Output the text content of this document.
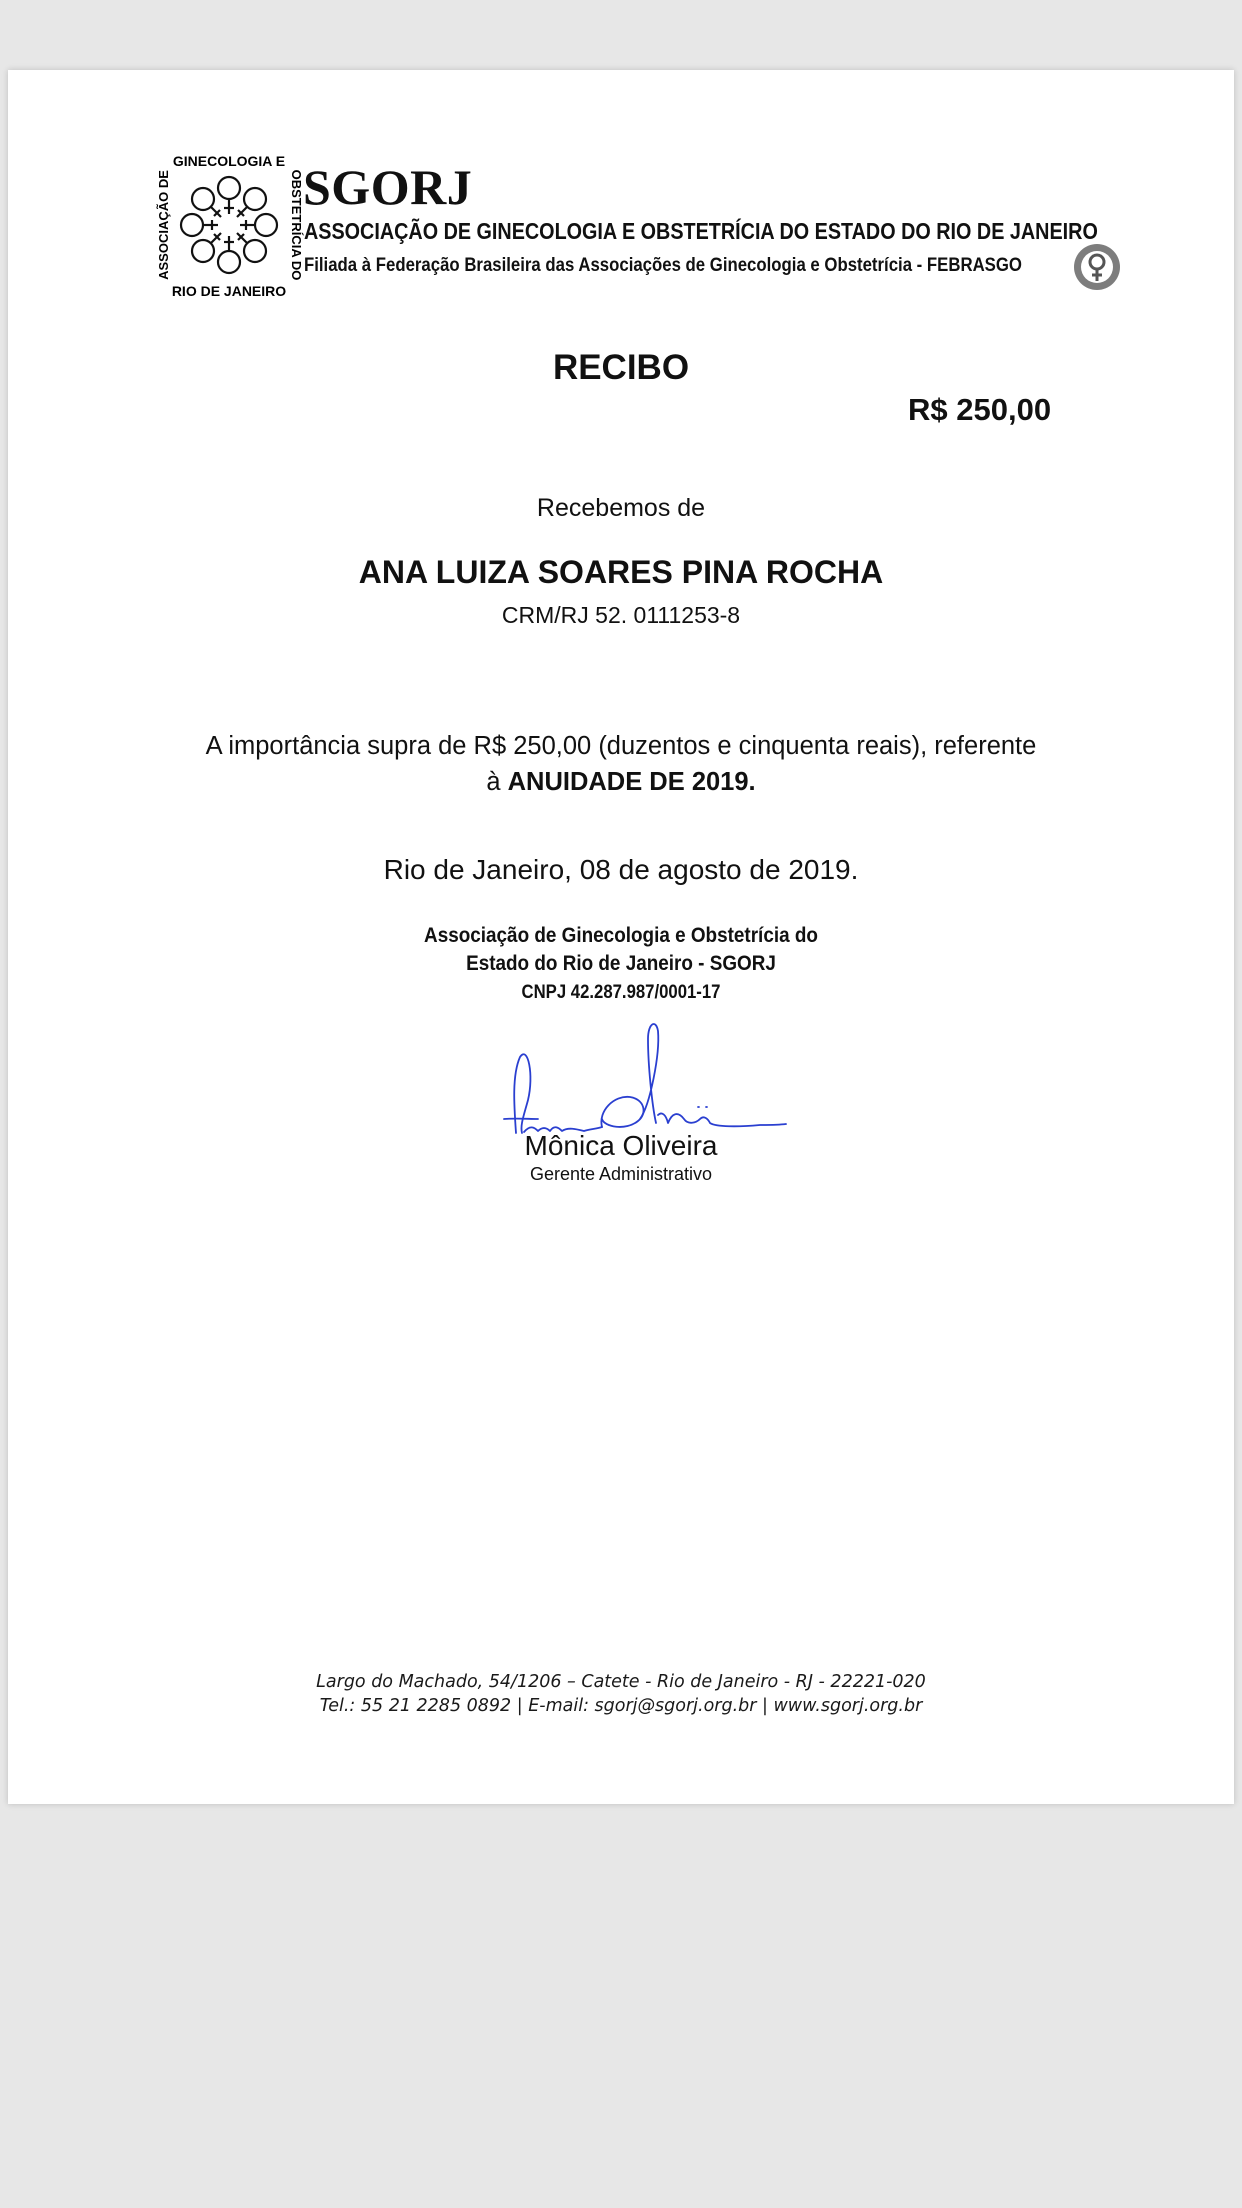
GINECOLOGIA E
RIO DE JANEIRO
ASSOCIAÇÃO DE	OBSTETRÍCIA DO SGORJ
ASSOCIAÇÃO DE GINECOLOGIA E OBSTETRÍCIA DO ESTADO DO RIO DE JANEIRO
Filiada à Federação Brasileira das Associações de Ginecologia e Obstetrícia - FEBRASGO
RECIBO
R$ 250,00
Recebemos de
ANA LUIZA SOARES PINA ROCHA
CRM/RJ 52. 0111253-8
A importância supra de R$ 250,00 (duzentos e cinquenta reais), referente
à ANUIDADE DE 2019.
Rio de Janeiro, 08 de agosto de 2019.
Associação de Ginecologia e Obstetrícia do
Estado do Rio de Janeiro - SGORJ
CNPJ 42.287.987/0001-17
Mônica Oliveira
Gerente Administrativo
Largo do Machado, 54/1206 – Catete - Rio de Janeiro - RJ - 22221-020
Tel.: 55 21 2285 0892 | E-mail: sgorj@sgorj.org.br | www.sgorj.org.br
